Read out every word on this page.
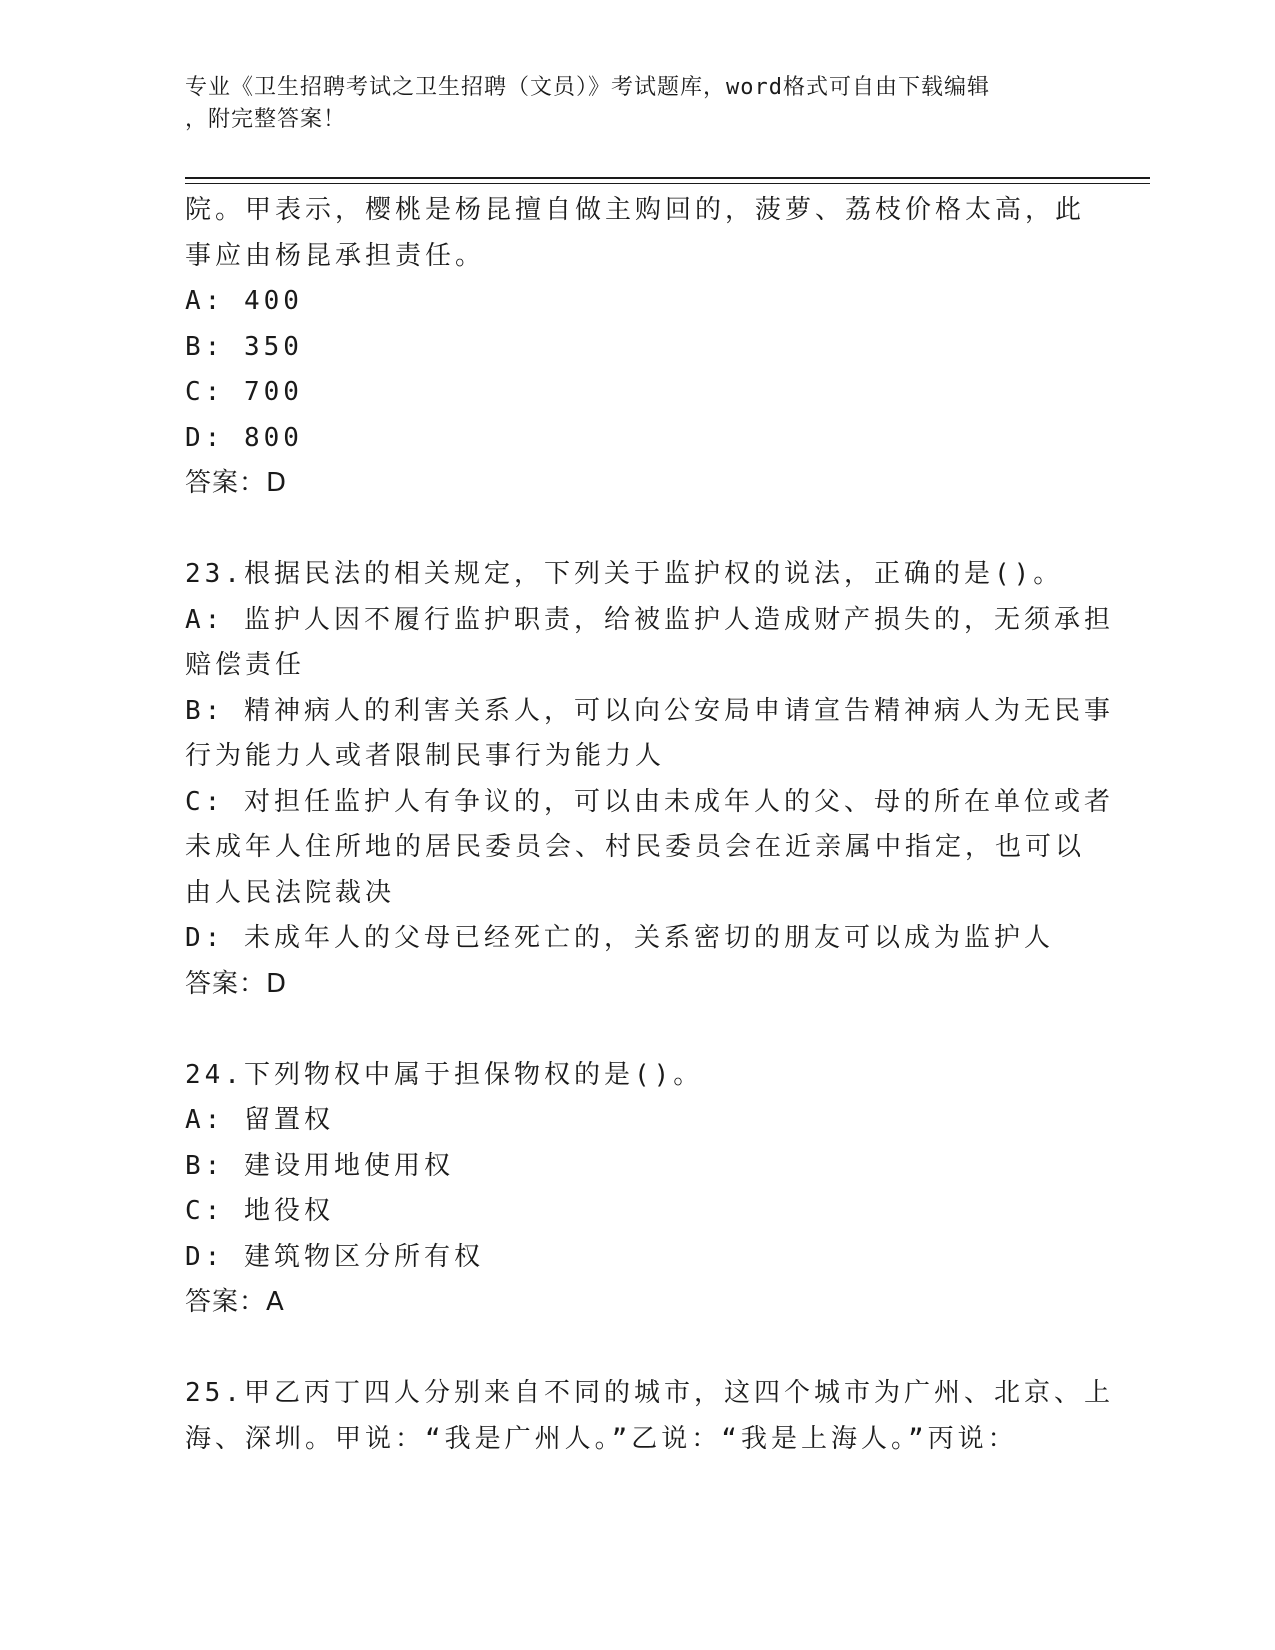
专业《卫生招聘考试之卫生招聘（文员）》考试题库，word格式可自由下载编辑
，附完整答案！
院。甲表示，樱桃是杨昆擅自做主购回的，菠萝、荔枝价格太高，此
事应由杨昆承担责任。
A: 400
B: 350
C: 700
D: 800
答案：D
23.根据民法的相关规定，下列关于监护权的说法，正确的是()。
A: 监护人因不履行监护职责，给被监护人造成财产损失的，无须承担
赔偿责任
B: 精神病人的利害关系人，可以向公安局申请宣告精神病人为无民事
行为能力人或者限制民事行为能力人
C: 对担任监护人有争议的，可以由未成年人的父、母的所在单位或者
未成年人住所地的居民委员会、村民委员会在近亲属中指定，也可以
由人民法院裁决
D: 未成年人的父母已经死亡的，关系密切的朋友可以成为监护人
答案：D
24.下列物权中属于担保物权的是()。
A: 留置权
B: 建设用地使用权
C: 地役权
D: 建筑物区分所有权
答案：A
25.甲乙丙丁四人分别来自不同的城市，这四个城市为广州、北京、上
海、深圳。甲说：“我是广州人。”乙说：“我是上海人。”丙说：
